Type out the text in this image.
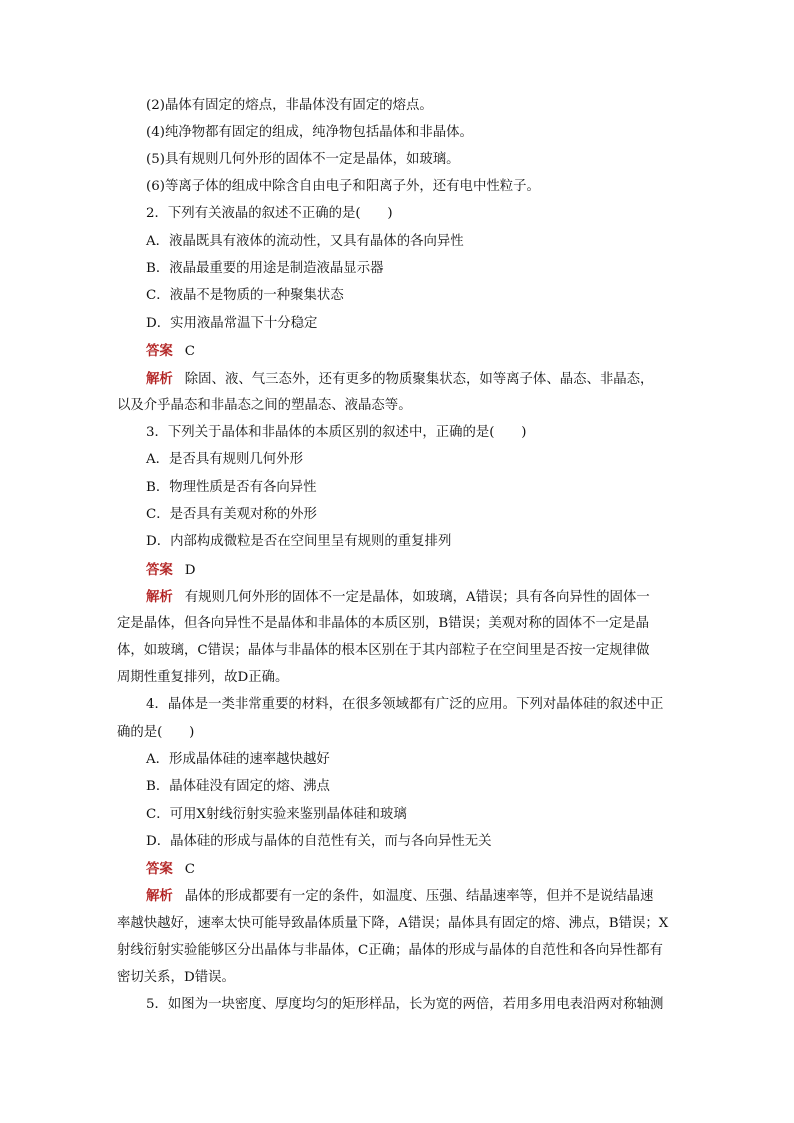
(2)晶体有固定的熔点，非晶体没有固定的熔点。
(4)纯净物都有固定的组成，纯净物包括晶体和非晶体。
(5)具有规则几何外形的固体不一定是晶体，如玻璃。
(6)等离子体的组成中除含自由电子和阳离子外，还有电中性粒子。
2．下列有关液晶的叙述不正确的是(　　)
A．液晶既具有液体的流动性，又具有晶体的各向异性
B．液晶最重要的用途是制造液晶显示器
C．液晶不是物质的一种聚集状态
D．实用液晶常温下十分稳定
答案 C
解析 除固、液、气三态外，还有更多的物质聚集状态，如等离子体、晶态、非晶态，
以及介乎晶态和非晶态之间的塑晶态、液晶态等。
3．下列关于晶体和非晶体的本质区别的叙述中，正确的是(　　)
A．是否具有规则几何外形
B．物理性质是否有各向异性
C．是否具有美观对称的外形
D．内部构成微粒是否在空间里呈有规则的重复排列
答案 D
解析 有规则几何外形的固体不一定是晶体，如玻璃，A错误；具有各向异性的固体一
定是晶体，但各向异性不是晶体和非晶体的本质区别，B错误；美观对称的固体不一定是晶
体，如玻璃，C错误；晶体与非晶体的根本区别在于其内部粒子在空间里是否按一定规律做
周期性重复排列，故D正确。
4．晶体是一类非常重要的材料，在很多领域都有广泛的应用。下列对晶体硅的叙述中正
确的是(　　)
A．形成晶体硅的速率越快越好
B．晶体硅没有固定的熔、沸点
C．可用X射线衍射实验来鉴别晶体硅和玻璃
D．晶体硅的形成与晶体的自范性有关，而与各向异性无关
答案 C
解析 晶体的形成都要有一定的条件，如温度、压强、结晶速率等，但并不是说结晶速
率越快越好，速率太快可能导致晶体质量下降，A错误；晶体具有固定的熔、沸点，B错误；X
射线衍射实验能够区分出晶体与非晶体，C正确；晶体的形成与晶体的自范性和各向异性都有
密切关系，D错误。
5．如图为一块密度、厚度均匀的矩形样品，长为宽的两倍，若用多用电表沿两对称轴测
